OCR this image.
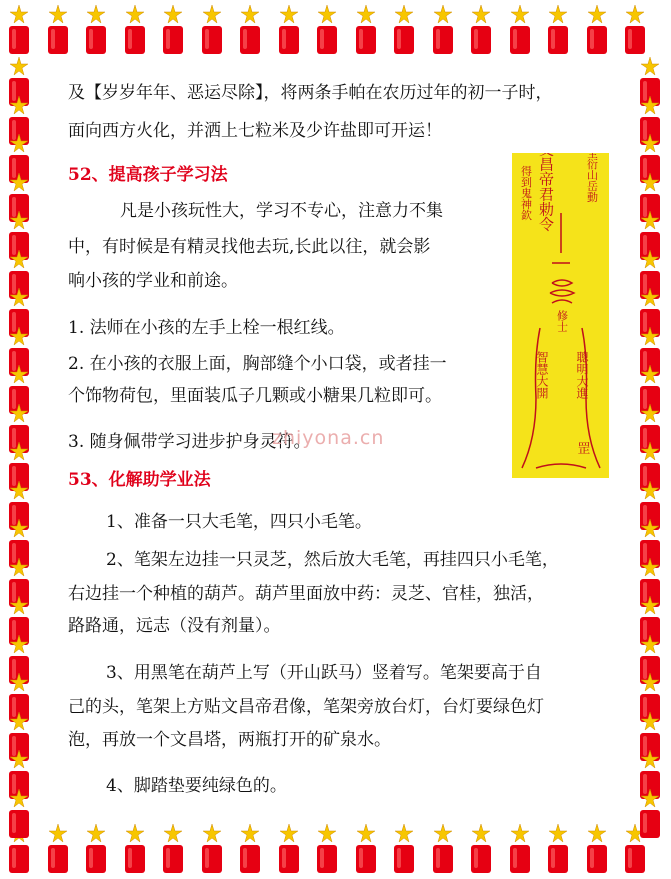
及【岁岁年年、恶运尽除】，将两条手帕在农历过年的初一子时，
面向西方火化，并洒上七粒米及少许盐即可开运！
52、提高孩子学习法
凡是小孩玩性大，学习不专心，注意力不集
中，有时候是有精灵找他去玩,长此以往，就会影
响小孩的学业和前途。
1. 法师在小孩的左手上栓一根红线。
2. 在小孩的衣服上面，胸部缝个小口袋，或者挂一
个饰物荷包，里面装瓜子几颗或小糖果几粒即可。
3. 随身佩带学习进步护身灵符。
53、化解助学业法
1、准备一只大毛笔，四只小毛笔。
2、笔架左边挂一只灵芝，然后放大毛笔，再挂四只小毛笔，
右边挂一个种植的葫芦。葫芦里面放中药：灵芝、官桂，独活，
路路通，远志（没有剂量）。
3、用黑笔在葫芦上写（开山跃马）竖着写。笔架要高于自
己的头，笔架上方贴文昌帝君像，笔架旁放台灯，台灯要绿色灯
泡，再放一个文昌塔，两瓶打开的矿泉水。
4、脚踏垫要纯绿色的。
奉文昌帝君勅令
得到鬼神欽	全衍山岳動
修士
聰明大進
智慧大開
罡
zhiyona.cn
